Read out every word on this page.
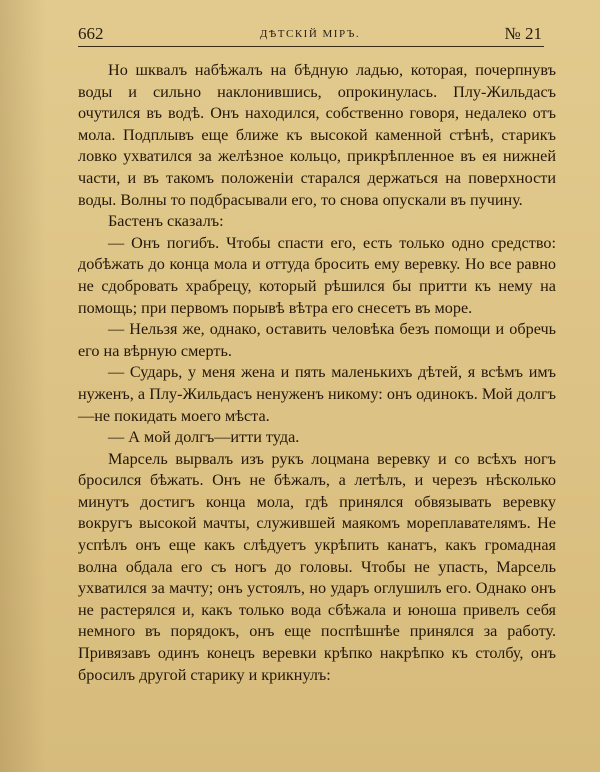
662	ДѢТСКІЙ МІРЪ.	№ 21

Но шквалъ набѣжалъ на бѣдную ладью, которая, почерпнувъ воды и сильно наклонившись, опрокинулась. Плу-Жильдасъ очутился въ водѣ. Онъ находился, собственно говоря, недалеко отъ мола. Подплывъ еще ближе къ высокой каменной стѣнѣ, старикъ ловко ухватился за желѣзное кольцо, прикрѣпленное въ ея нижней части, и въ такомъ положеніи старался держаться на поверхности воды. Волны то подбрасывали его, то снова опускали въ пучину.

Бастенъ сказалъ:

— Онъ погибъ. Чтобы спасти его, есть только одно средство: добѣжать до конца мола и оттуда бросить ему веревку. Но все равно не сдобровать храбрецу, который рѣшился бы притти къ нему на помощь; при первомъ порывѣ вѣтра его снесетъ въ море.

— Нельзя же, однако, оставить человѣка безъ помощи и обречь его на вѣрную смерть.

— Сударь, у меня жена и пять маленькихъ дѣтей, я всѣмъ имъ нуженъ, а Плу-Жильдасъ ненуженъ никому: онъ одинокъ. Мой долгъ—не покидать моего мѣста.

— А мой долгъ—итти туда.

Марсель вырвалъ изъ рукъ лоцмана веревку и со всѣхъ ногъ бросился бѣжать. Онъ не бѣжалъ, а летѣлъ, и черезъ нѣсколько минутъ достигъ конца мола, гдѣ принялся обвязывать веревку вокругъ высокой мачты, служившей маякомъ мореплавателямъ. Не успѣлъ онъ еще какъ слѣдуетъ укрѣпить канатъ, какъ громадная волна обдала его съ ногъ до головы. Чтобы не упасть, Марсель ухватился за мачту; онъ устоялъ, но ударъ оглушилъ его. Однако онъ не растерялся и, какъ только вода сбѣжала и юноша привелъ себя немного въ порядокъ, онъ еще поспѣшнѣе принялся за работу. Привязавъ одинъ конецъ веревки крѣпко накрѣпко къ столбу, онъ бросилъ другой старику и крикнулъ:
